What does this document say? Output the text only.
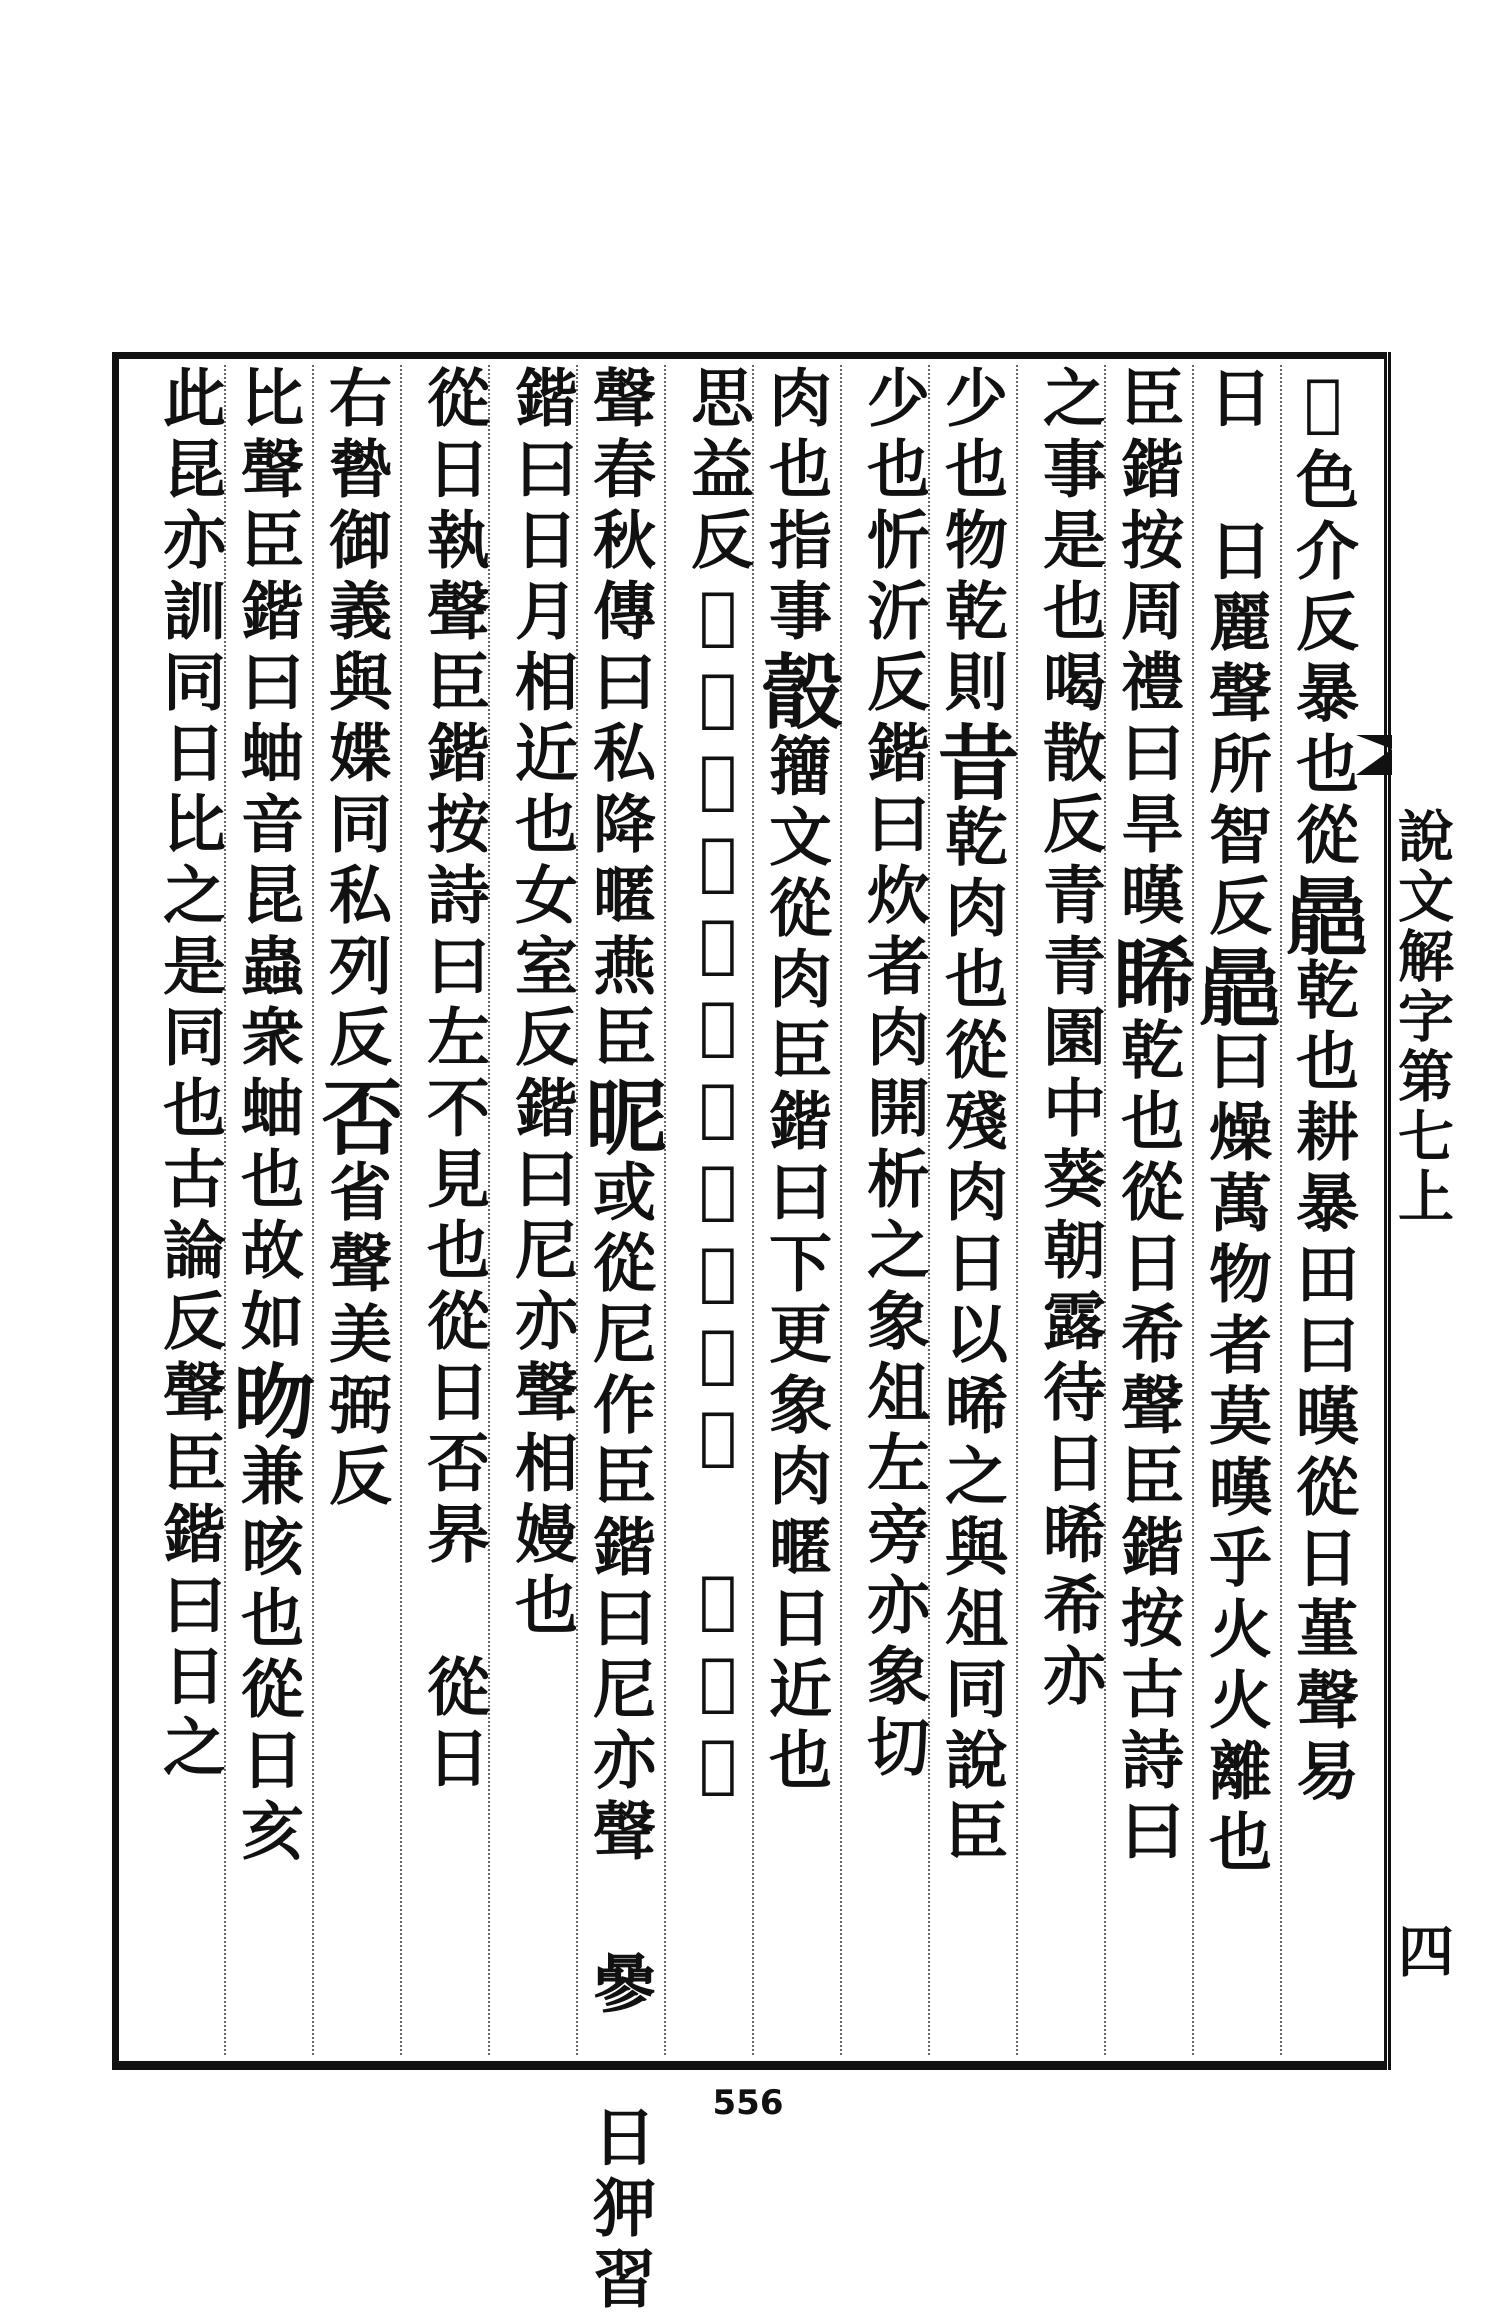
󲖏色介反暴也從𣋍乾也耕暴田曰暵從日堇聲易
日 日麗聲所智反𣋍曰燥萬物者莫暵乎火火離也
臣鍇按周禮曰旱暵睎乾也從日希聲臣鍇按古詩曰
之事是也喝散反青青園中葵朝露待日晞希亦
少也物乾則昔乾肉也從殘肉日以晞之與俎同說臣
少也忻沂反鍇曰炊者肉開析之象俎左旁亦象切
肉也指事䐨籒文從肉臣鍇曰下更象肉暱日近也
思益反𡧊也令人作腊卽此也上同 從日匿
聲春秋傳曰私降暱燕臣昵或從尼作臣鍇曰尼亦聲 曑 日狎習
鍇曰日月相近也女室反鍇曰尼亦聲相嫚也
從日執聲臣鍇按詩曰左不見也從日否昦 從日
右暬御義與媟同私列反否省聲美弼反
比聲臣鍇曰蚰音昆蟲衆蚰也故如昒兼晐也從日亥
此昆亦訓同日比之是同也古論反聲臣鍇曰日之
說文解字第七上
四
556
